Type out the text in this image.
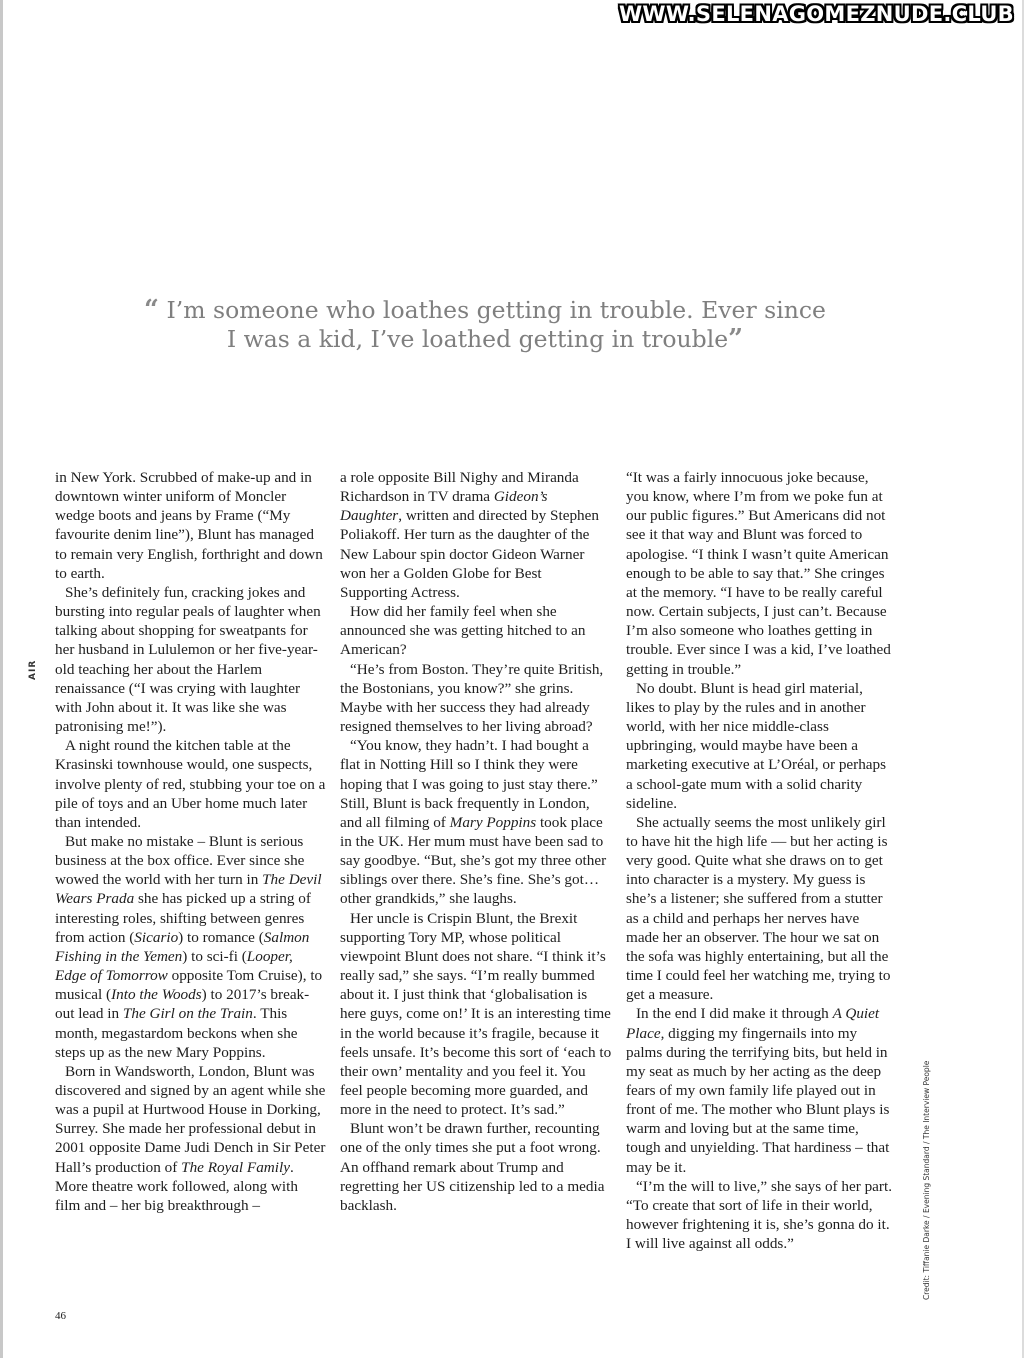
WWW.SELENAGOMEZNUDE.CLUB
“ I’m someone who loathes getting in trouble. Ever since I was a kid, I’ve loathed getting in trouble”
AIR

in New York. Scrubbed of make-up and in downtown winter uniform of Moncler wedge boots and jeans by Frame (“My favourite denim line”), Blunt has managed to remain very English, forthright and down to earth.

She’s definitely fun, cracking jokes and bursting into regular peals of laughter when talking about shopping for sweatpants for her husband in Lululemon or her five-year-old teaching her about the Harlem renaissance (“I was crying with laughter with John about it. It was like she was patronising me!”).

A night round the kitchen table at the Krasinski townhouse would, one suspects, involve plenty of red, stubbing your toe on a pile of toys and an Uber home much later than intended.

But make no mistake – Blunt is serious business at the box office. Ever since she wowed the world with her turn in The Devil Wears Prada she has picked up a string of interesting roles, shifting between genres from action (Sicario) to romance (Salmon Fishing in the Yemen) to sci-fi (Looper, Edge of Tomorrow opposite Tom Cruise), to musical (Into the Woods) to 2017’s break-out lead in The Girl on the Train. This month, megastardom beckons when she steps up as the new Mary Poppins.

Born in Wandsworth, London, Blunt was discovered and signed by an agent while she was a pupil at Hurtwood House in Dorking, Surrey. She made her professional debut in 2001 opposite Dame Judi Dench in Sir Peter Hall’s production of The Royal Family. More theatre work followed, along with film and – her big breakthrough –

a role opposite Bill Nighy and Miranda Richardson in TV drama Gideon’s Daughter, written and directed by Stephen Poliakoff. Her turn as the daughter of the New Labour spin doctor Gideon Warner won her a Golden Globe for Best Supporting Actress.

How did her family feel when she announced she was getting hitched to an American?

“He’s from Boston. They’re quite British, the Bostonians, you know?” she grins. Maybe with her success they had already resigned themselves to her living abroad?

“You know, they hadn’t. I had bought a flat in Notting Hill so I think they were hoping that I was going to just stay there.” Still, Blunt is back frequently in London, and all filming of Mary Poppins took place in the UK. Her mum must have been sad to say goodbye. “But, she’s got my three other siblings over there. She’s fine. She’s got… other grandkids,” she laughs.

Her uncle is Crispin Blunt, the Brexit supporting Tory MP, whose political viewpoint Blunt does not share. “I think it’s really sad,” she says. “I’m really bummed about it. I just think that ‘globalisation is here guys, come on!’ It is an interesting time in the world because it’s fragile, because it feels unsafe. It’s become this sort of ‘each to their own’ mentality and you feel it. You feel people becoming more guarded, and more in the need to protect. It’s sad.”

Blunt won’t be drawn further, recounting one of the only times she put a foot wrong. An offhand remark about Trump and regretting her US citizenship led to a media backlash.

“It was a fairly innocuous joke because, you know, where I’m from we poke fun at our public figures.” But Americans did not see it that way and Blunt was forced to apologise. “I think I wasn’t quite American enough to be able to say that.” She cringes at the memory. “I have to be really careful now. Certain subjects, I just can’t. Because I’m also someone who loathes getting in trouble. Ever since I was a kid, I’ve loathed getting in trouble.”

No doubt. Blunt is head girl material, likes to play by the rules and in another world, with her nice middle-class upbringing, would maybe have been a marketing executive at L’Oréal, or perhaps a school-gate mum with a solid charity sideline.

She actually seems the most unlikely girl to have hit the high life — but her acting is very good. Quite what she draws on to get into character is a mystery. My guess is she’s a listener; she suffered from a stutter as a child and perhaps her nerves have made her an observer. The hour we sat on the sofa was highly entertaining, but all the time I could feel her watching me, trying to get a measure.

In the end I did make it through A Quiet Place, digging my fingernails into my palms during the terrifying bits, but held in my seat as much by her acting as the deep fears of my own family life played out in front of me. The mother who Blunt plays is warm and loving but at the same time, tough and unyielding. That hardiness – that may be it.

“I’m the will to live,” she says of her part. “To create that sort of life in their world, however frightening it is, she’s gonna do it. I will live against all odds.”	Credit: Tiffanie Darke / Evening Standard / The Interview People
46
